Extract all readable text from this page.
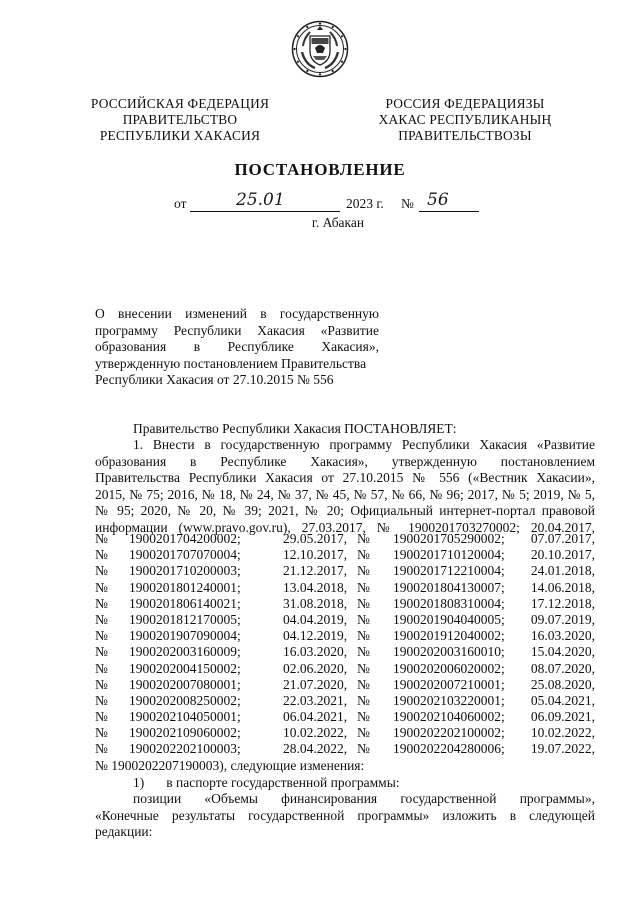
РОССИЙСКАЯ ФЕДЕРАЦИЯ
ПРАВИТЕЛЬСТВО
РЕСПУБЛИКИ ХАКАСИЯ
РОССИЯ ФЕДЕРАЦИЯЗЫ
ХАКАС РЕСПУБЛИКАНЫҢ
ПРАВИТЕЛЬСТВОЗЫ
ПОСТАНОВЛЕНИЕ
от	25.01	2023 г. № 56
г. Абакан
О внесении изменений в государственную
программу Республики Хакасия «Развитие
образования в Республике Хакасия»,
утвержденную постановлением Правительства
Республики Хакасия от 27.10.2015 № 556

Правительство Республики Хакасия ПОСТАНОВЛЯЕТ:

1. Внести в государственную программу Республики Хакасия «Развитие
образования в Республике Хакасия», утвержденную постановлением
Правительства Республики Хакасия от 27.10.2015 № 556 («Вестник Хакасии»,
2015, № 75; 2016, № 18, № 24, № 37, № 45, № 57, № 66, № 96; 2017, № 5; 2019, № 5,
№ 95; 2020, № 20, № 39; 2021, № 20; Официальный интернет-портал правовой
информации (www.pravo.gov.ru), 27.03.2017, № 1900201703270002; 20.04.2017,
№ 1900201704200002;	29.05.2017, № 1900201705290002; 07.07.2017,
№ 1900201707070004;	12.10.2017, № 1900201710120004; 20.10.2017,
№ 1900201710200003;	21.12.2017, № 1900201712210004; 24.01.2018,
№ 1900201801240001;	13.04.2018, № 1900201804130007; 14.06.2018,
№ 1900201806140021;	31.08.2018, № 1900201808310004; 17.12.2018,
№ 1900201812170005;	04.04.2019, № 1900201904040005; 09.07.2019,
№ 1900201907090004;	04.12.2019, № 1900201912040002; 16.03.2020,
№ 1900202003160009;	16.03.2020, № 1900202003160010; 15.04.2020,
№ 1900202004150002;	02.06.2020, № 1900202006020002; 08.07.2020,
№ 1900202007080001;	21.07.2020, № 1900202007210001; 25.08.2020,
№ 1900202008250002;	22.03.2021, № 1900202103220001; 05.04.2021,
№ 1900202104050001;	06.04.2021, № 1900202104060002; 06.09.2021,
№ 1900202109060002;	10.02.2022, № 1900202202100002; 10.02.2022,
№ 1900202202100003;	28.04.2022, № 1900202204280006; 19.07.2022,
№ 1900202207190003), следующие изменения:
1) в паспорте государственной программы:
позиции «Объемы финансирования государственной программы»,
«Конечные результаты государственной программы» изложить в следующей
редакции:
